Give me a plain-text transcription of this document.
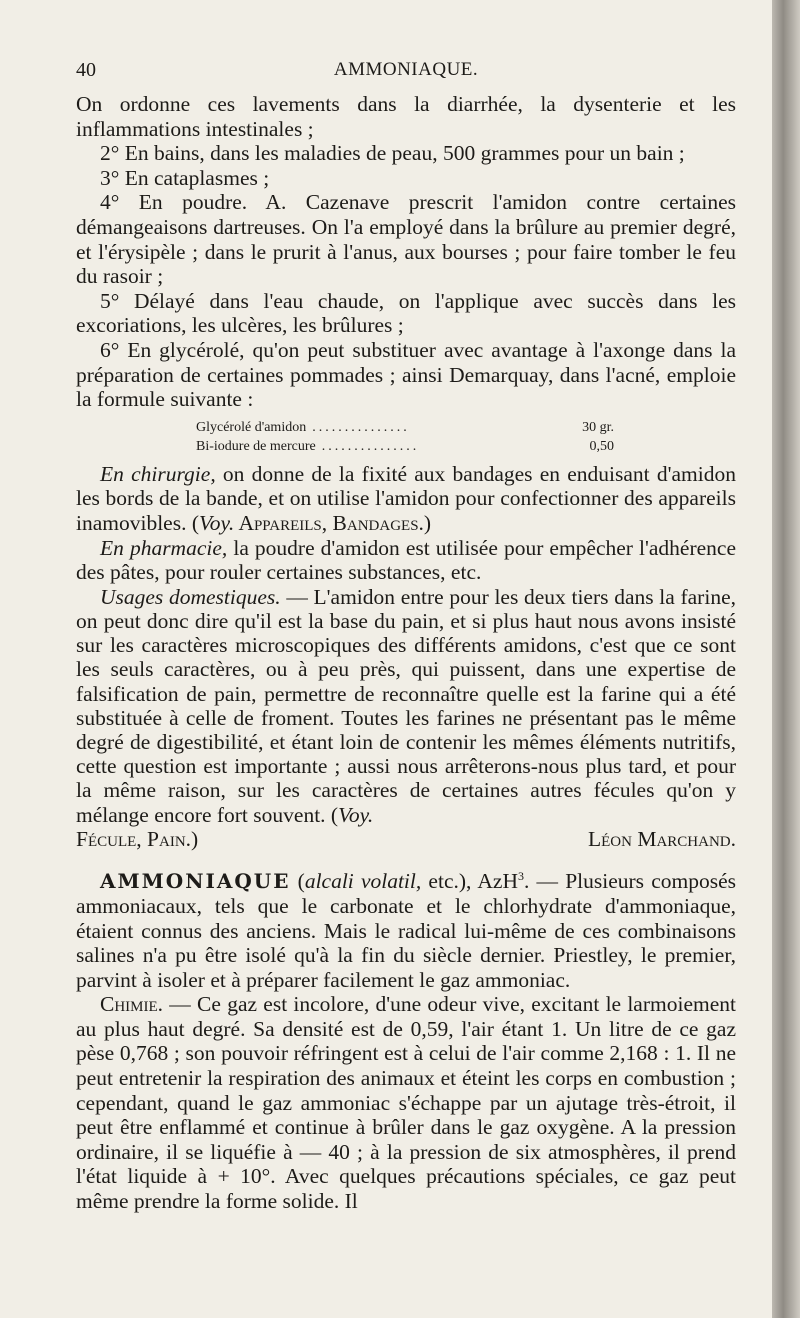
40	AMMONIAQUE.

On ordonne ces lavements dans la diarrhée, la dysenterie et les inflammations intestinales ;

2° En bains, dans les maladies de peau, 500 grammes pour un bain ;

3° En cataplasmes ;

4° En poudre. A. Cazenave prescrit l'amidon contre certaines démangeaisons dartreuses. On l'a employé dans la brûlure au premier degré, et l'érysipèle ; dans le prurit à l'anus, aux bourses ; pour faire tomber le feu du rasoir ;

5° Délayé dans l'eau chaude, on l'applique avec succès dans les excoriations, les ulcères, les brûlures ;

6° En glycérolé, qu'on peut substituer avec avantage à l'axonge dans la préparation de certaines pommades ; ainsi Demarquay, dans l'acné, emploie la formule suivante :

Glycérolé d'amidon ...............	30 gr.
Bi-iodure de mercure ...............	0,50

En chirurgie, on donne de la fixité aux bandages en enduisant d'amidon les bords de la bande, et on utilise l'amidon pour confectionner des appareils inamovibles. (Voy. Appareils, Bandages.)

En pharmacie, la poudre d'amidon est utilisée pour empêcher l'adhérence des pâtes, pour rouler certaines substances, etc.

Usages domestiques. — L'amidon entre pour les deux tiers dans la farine, on peut donc dire qu'il est la base du pain, et si plus haut nous avons insisté sur les caractères microscopiques des différents amidons, c'est que ce sont les seuls caractères, ou à peu près, qui puissent, dans une expertise de falsification de pain, permettre de reconnaître quelle est la farine qui a été substituée à celle de froment. Toutes les farines ne présentant pas le même degré de digestibilité, et étant loin de contenir les mêmes éléments nutritifs, cette question est importante ; aussi nous arrêterons-nous plus tard, et pour la même raison, sur les caractères de certaines autres fécules qu'on y mélange encore fort souvent. (Voy.

Fécule, Pain.)	Léon Marchand.

AMMONIAQUE (alcali volatil, etc.), AzH$^3$. — Plusieurs composés ammoniacaux, tels que le carbonate et le chlorhydrate d'ammoniaque, étaient connus des anciens. Mais le radical lui-même de ces combinaisons salines n'a pu être isolé qu'à la fin du siècle dernier. Priestley, le premier, parvint à isoler et à préparer facilement le gaz ammoniac.

Chimie. — Ce gaz est incolore, d'une odeur vive, excitant le larmoiement au plus haut degré. Sa densité est de 0,59, l'air étant 1. Un litre de ce gaz pèse 0,768 ; son pouvoir réfringent est à celui de l'air comme 2,168 : 1. Il ne peut entretenir la respiration des animaux et éteint les corps en combustion ; cependant, quand le gaz ammoniac s'échappe par un ajutage très-étroit, il peut être enflammé et continue à brûler dans le gaz oxygène. A la pression ordinaire, il se liquéfie à — 40 ; à la pression de six atmosphères, il prend l'état liquide à + 10°. Avec quelques précautions spéciales, ce gaz peut même prendre la forme solide. Il
